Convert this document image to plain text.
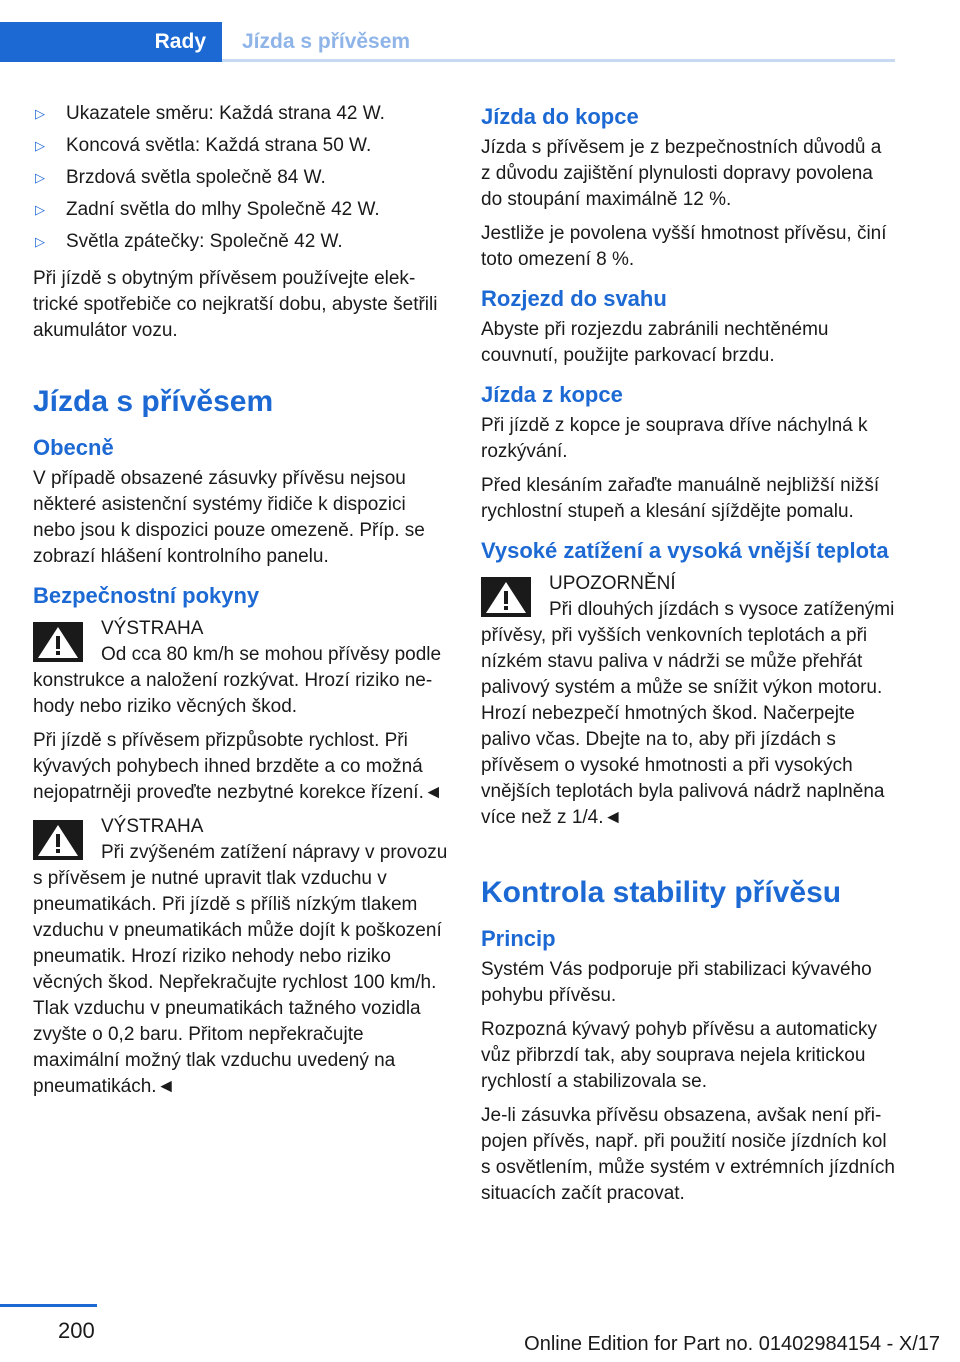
Rady	Jízda s přívěsem
▷ Ukazatele směru: Každá strana 42 W.
▷ Koncová světla: Každá strana 50 W.
▷ Brzdová světla společně 84 W.
▷ Zadní světla do mlhy Společně 42 W.
▷ Světla zpátečky: Společně 42 W.

Při jízdě s obytným přívěsem používejte elektrické spotřebiče co nejkratší dobu, abyste šetřili akumulátor vozu.

Jízda s přívěsem
Obecně

V případě obsazené zásuvky přívěsu nejsou některé asistenční systémy řidiče k dispozici nebo jsou k dispozici pouze omezeně. Příp. se zobrazí hlášení kontrolního panelu.

Bezpečnostní pokyny
VÝSTRAHA
Od cca 80 km/h se mohou přívěsy podle

konstrukce a naložení rozkývat. Hrozí riziko nehody nebo riziko věcných škod.

Při jízdě s přívěsem přizpůsobte rychlost. Při kývavých pohybech ihned brzděte a co možná nejopatrněji proveďte nezbytné korekce řízení.◄

VÝSTRAHA
Při zvýšeném zatížení nápravy v provozu

s přívěsem je nutné upravit tlak vzduchu v pneumatikách. Při jízdě s příliš nízkým tlakem vzduchu v pneumatikách může dojít k poškození pneumatik. Hrozí riziko nehody nebo riziko věcných škod. Nepřekračujte rychlost 100 km/h. Tlak vzduchu v pneumatikách tažného vozidla zvyšte o 0,2 baru. Přitom nepřekračujte maximální možný tlak vzduchu uvedený na pneumatikách.◄

Jízda do kopce

Jízda s přívěsem je z bezpečnostních důvodů a z důvodu zajištění plynulosti dopravy povolena do stoupání maximálně 12 %.

Jestliže je povolena vyšší hmotnost přívěsu, činí toto omezení 8 %.

Rozjezd do svahu

Abyste při rozjezdu zabránili nechtěnému couvnutí, použijte parkovací brzdu.

Jízda z kopce

Při jízdě z kopce je souprava dříve náchylná k rozkývání.

Před klesáním zařaďte manuálně nejbližší nižší rychlostní stupeň a klesání sjíždějte pomalu.

Vysoké zatížení a vysoká vnější teplota
UPOZORNĚNÍ
Při dlouhých jízdách s vysoce zatíženými

přívěsy, při vyšších venkovních teplotách a při nízkém stavu paliva v nádrži se může přehřát palivový systém a může se snížit výkon motoru. Hrozí nebezpečí hmotných škod. Načerpejte palivo včas. Dbejte na to, aby při jízdách s přívěsem o vysoké hmotnosti a při vysokých vnějších teplotách byla palivová nádrž naplněna více než z 1/4.◄

Kontrola stability přívěsu
Princip

Systém Vás podporuje při stabilizaci kývavého pohybu přívěsu.

Rozpozná kývavý pohyb přívěsu a automaticky vůz přibrzdí tak, aby souprava nejela kritickou rychlostí a stabilizovala se.

Je-li zásuvka přívěsu obsazena, avšak není připojen přívěs, např. při použití nosiče jízdních kol s osvětlením, může systém v extrémních jízdních situacích začít pracovat.

200
Online Edition for Part no. 01402984154 - X/17
